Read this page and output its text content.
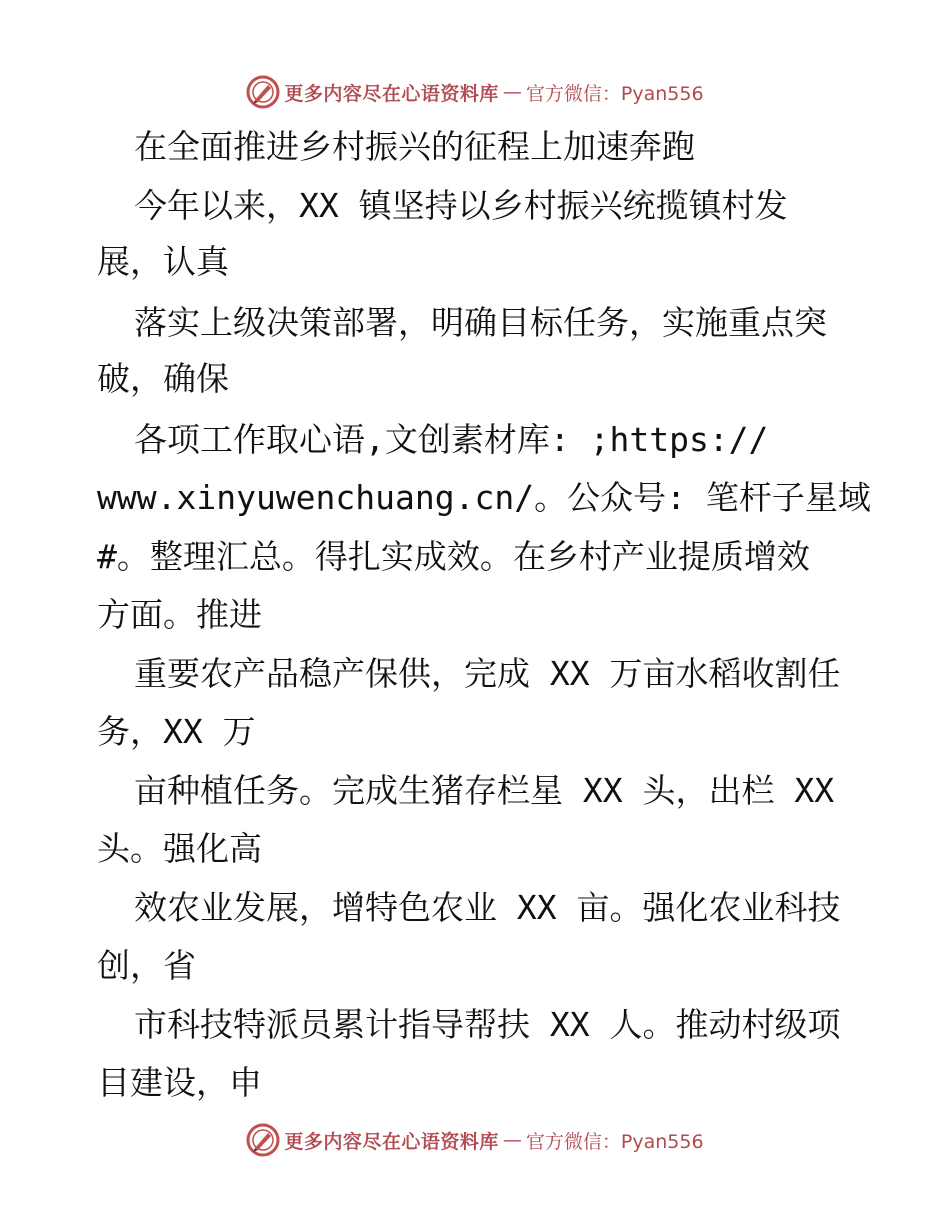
更多内容尽在心语资料库 — 官方微信：Pyan556
在全面推进乡村振兴的征程上加速奔跑
今年以来，XX 镇坚持以乡村振兴统揽镇村发
展，认真
落实上级决策部署，明确目标任务，实施重点突
破，确保
各项工作取心语,文创素材库: ;https://
www.xinyuwenchuang.cn/。公众号: 笔杆子星域
#。整理汇总。得扎实成效。在乡村产业提质增效
方面。推进
重要农产品稳产保供，完成 XX 万亩水稻收割任
务，XX 万
亩种植任务。完成生猪存栏星 XX 头，出栏 XX
头。强化高
效农业发展，增特色农业 XX 亩。强化农业科技
创，省
市科技特派员累计指导帮扶 XX 人。推动村级项
目建设，申
更多内容尽在心语资料库 — 官方微信：Pyan556
